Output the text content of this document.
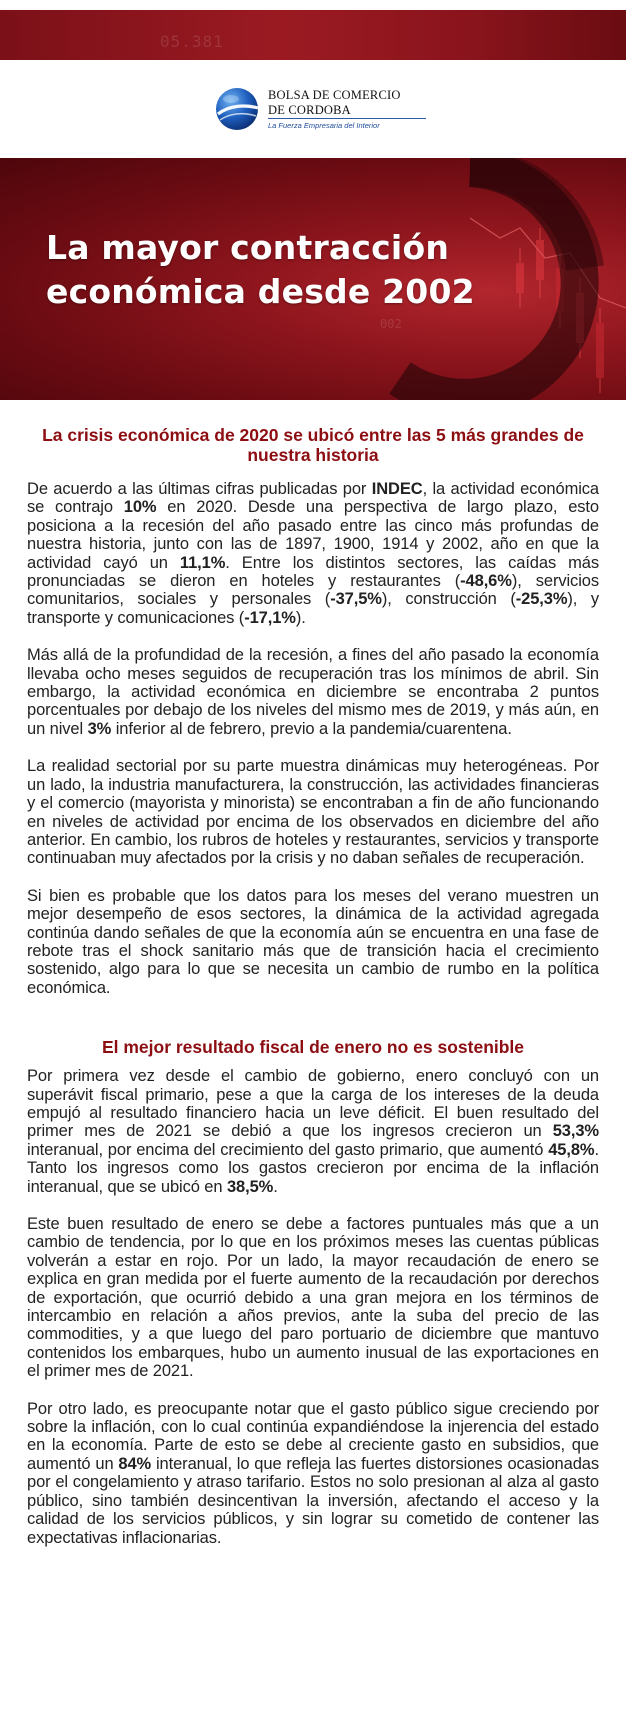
05.381
BOLSA DE COMERCIO
DE CORDOBA
La Fuerza Empresaria del Interior
002
La mayor contracción
económica desde 2002
La crisis económica de 2020 se ubicó entre las 5 más grandes de nuestra historia

De acuerdo a las últimas cifras publicadas por INDEC, la actividad económica se contrajo 10% en 2020. Desde una perspectiva de largo plazo, esto posiciona a la recesión del año pasado entre las cinco más profundas de nuestra historia, junto con las de 1897, 1900, 1914 y 2002, año en que la actividad cayó un 11,1%. Entre los distintos sectores, las caídas más pronunciadas se dieron en hoteles y restaurantes (-48,6%), servicios comunitarios, sociales y personales (-37,5%), construcción (-25,3%), y transporte y comunicaciones (-17,1%).

Más allá de la profundidad de la recesión, a fines del año pasado la economía llevaba ocho meses seguidos de recuperación tras los mínimos de abril. Sin embargo, la actividad económica en diciembre se encontraba 2 puntos porcentuales por debajo de los niveles del mismo mes de 2019, y más aún, en un nivel 3% inferior al de febrero, previo a la pandemia/cuarentena.

La realidad sectorial por su parte muestra dinámicas muy heterogéneas. Por un lado, la industria manufacturera, la construcción, las actividades financieras y el comercio (mayorista y minorista) se encontraban a fin de año funcionando en niveles de actividad por encima de los observados en diciembre del año anterior. En cambio, los rubros de hoteles y restaurantes, servicios y transporte continuaban muy afectados por la crisis y no daban señales de recuperación.

Si bien es probable que los datos para los meses del verano muestren un mejor desempeño de esos sectores, la dinámica de la actividad agregada continúa dando señales de que la economía aún se encuentra en una fase de rebote tras el shock sanitario más que de transición hacia el crecimiento sostenido, algo para lo que se necesita un cambio de rumbo en la política económica.

El mejor resultado fiscal de enero no es sostenible

Por primera vez desde el cambio de gobierno, enero concluyó con un superávit fiscal primario, pese a que la carga de los intereses de la deuda empujó al resultado financiero hacia un leve déficit. El buen resultado del primer mes de 2021 se debió a que los ingresos crecieron un 53,3% interanual, por encima del crecimiento del gasto primario, que aumentó 45,8%. Tanto los ingresos como los gastos crecieron por encima de la inflación interanual, que se ubicó en 38,5%.

Este buen resultado de enero se debe a factores puntuales más que a un cambio de tendencia, por lo que en los próximos meses las cuentas públicas volverán a estar en rojo. Por un lado, la mayor recaudación de enero se explica en gran medida por el fuerte aumento de la recaudación por derechos de exportación, que ocurrió debido a una gran mejora en los términos de intercambio en relación a años previos, ante la suba del precio de las commodities, y a que luego del paro portuario de diciembre que mantuvo contenidos los embarques, hubo un aumento inusual de las exportaciones en el primer mes de 2021.

Por otro lado, es preocupante notar que el gasto público sigue creciendo por sobre la inflación, con lo cual continúa expandiéndose la injerencia del estado en la economía. Parte de esto se debe al creciente gasto en subsidios, que aumentó un 84% interanual, lo que refleja las fuertes distorsiones ocasionadas por el congelamiento y atraso tarifario. Estos no solo presionan al alza al gasto público, sino también desincentivan la inversión, afectando el acceso y la calidad de los servicios públicos, y sin lograr su cometido de contener las expectativas inflacionarias.
